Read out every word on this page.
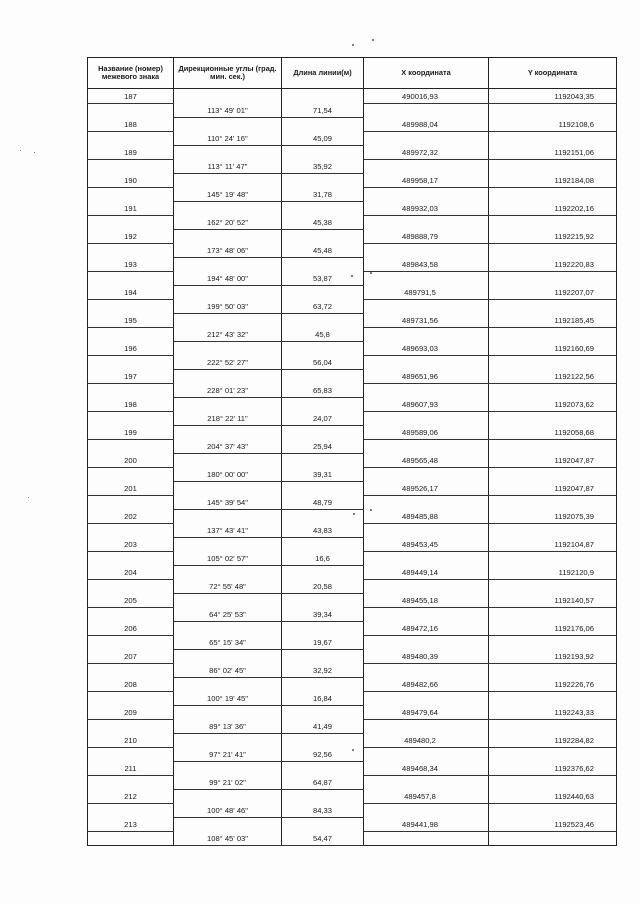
Название (номер) межевого знака	Дирекционные углы (град. мин. сек.)	Длина линии(м)	X координата	Y координата
187			490016,93	1192043,35
	113° 49' 01"	71,54		
188			489988,04	1192108,6
	110° 24' 16"	45,09		
189			489972,32	1192151,06
	113° 11' 47"	35,92		
190			489958,17	1192184,08
	145° 19' 48"	31,78		
191			489932,03	1192202,16
	162° 20' 52"	45,38		
192			489888,79	1192215,92
	173° 48' 06"	45,48		
193			489843,58	1192220,83
	194° 48' 00"	53,87		
194			489791,5	1192207,07
	199° 50' 03"	63,72		
195			489731,56	1192185,45
	212° 43' 32"	45,8		
196			489693,03	1192160,69
	222° 52' 27"	56,04		
197			489651,96	1192122,56
	228° 01' 23"	65,83		
198			489607,93	1192073,62
	218° 22' 11"	24,07		
199			489589,06	1192058,68
	204° 37' 43"	25,94		
200			489565,48	1192047,87
	180° 00' 00"	39,31		
201			489526,17	1192047,87
	145° 39' 54"	48,79		
202			489485,88	1192075,39
	137° 43' 41"	43,83		
203			489453,45	1192104,87
	105° 02' 57"	16,6		
204			489449,14	1192120,9
	72° 55' 48"	20,58		
205			489455,18	1192140,57
	64° 25' 53"	39,34		
206			489472,16	1192176,06
	65° 15' 34"	19,67		
207			489480,39	1192193,92
	86° 02' 45"	32,92		
208			489482,66	1192226,76
	100° 19' 45"	16,84		
209			489479,64	1192243,33
	89° 13' 36"	41,49		
210			489480,2	1192284,82
	97° 21' 41"	92,56		
211			489468,34	1192376,62
	99° 21' 02"	64,87		
212			489457,8	1192440,63
	100° 48' 46"	84,33		
213			489441,98	1192523,46
	108° 45' 03"	54,47		
